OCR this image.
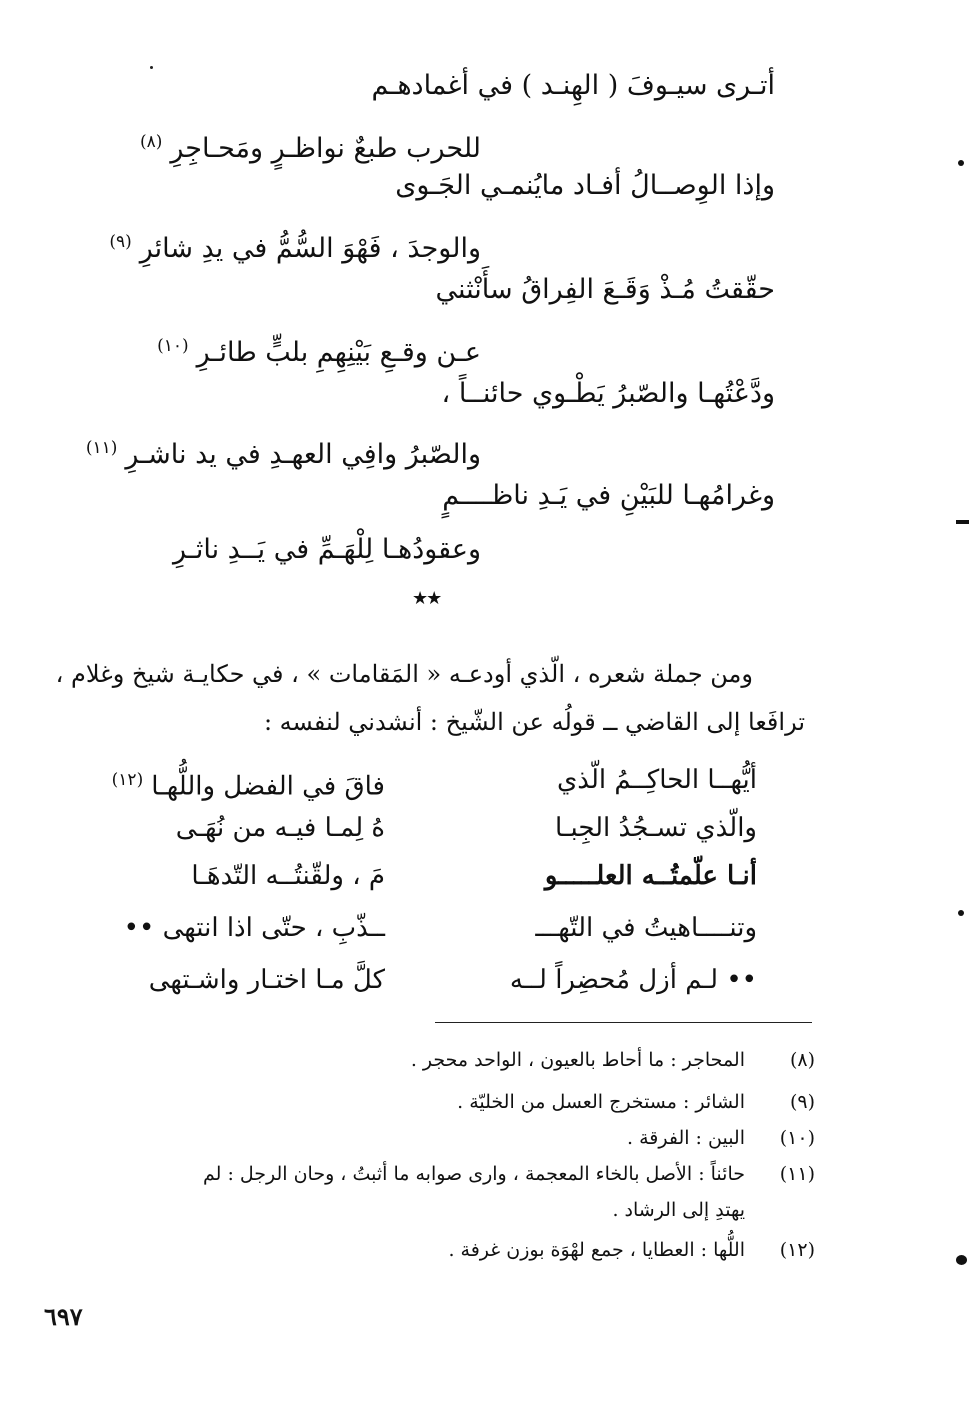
أتـرى سيـوفَ ( الهِنـد ) في أغمادهـم
للحرب طبعٌ نواظـرٍ ومَحـاجِرِ$^{(٨)}$
وإذا الوِصــالُ أفـاد مايُنمـي الجَـوى
والوجدَ ، فَهْوَ السُّمُّ في يدِ شائرِ$^{(٩)}$
حقّقتُ مُـذْ وَقَـعَ الفِراقُ سأَنْثني
عـن وقـعِ بَيْنِهِمِ بلبٍّ طائـرِ$^{(١٠)}$
ودَّعْتُهـا والصّبرُ يَطْـوي حائنــاً ،
والصّبرُ وافِي العهـدِ في يد ناشـرِ$^{(١١)}$
وغرامُهـا للبَيْنِ في يَـدِ ناظــــمٍ
وعقودُهـا لِلْهَـمِّ في يَــدِ ناثـرِ
★★
ومن جملة شعره ، الّذي أودعـه « المَقامات » ، في حكايـة شيخ وغلام ،
ترافَعا إلى القاضي ــ قولُه عن الشّيخ : أنشدني لنفسه :
أيُّهــا الحاكِــمُ الّذي
والّذي تسـجُدُ الجِبـا
أنـا علّمتُــه العلـــــو
وتنــــاهيتُ في التّهـــ
•• لـم أزل مُحضِراً لــه
فاقَ في الفضل واللُّهـا$^{(١٢)}$
هُ لِمـا فيـه من نُهَـى
مَ ، ولقّنتُــه التّدهَـا
ــذّبِ ، حتّى اذا انتهى ••
كلَّ مـا اختـار واشـتهى
(٨)
المحاجر : ما أحاط بالعيون ، الواحد محجر .
(٩)
الشائر : مستخرج العسل من الخليّة .
(١٠)
البين : الفرقة .
(١١)
حائناً : الأصل بالخاء المعجمة ، وارى صوابه ما أثبتُ ، وحان الرجل : لم
يهتدِ إلى الرشاد .
(١٢)
اللُّها : العطايا ، جمع لهْوَة بوزن غرفة .
٦٩٧
